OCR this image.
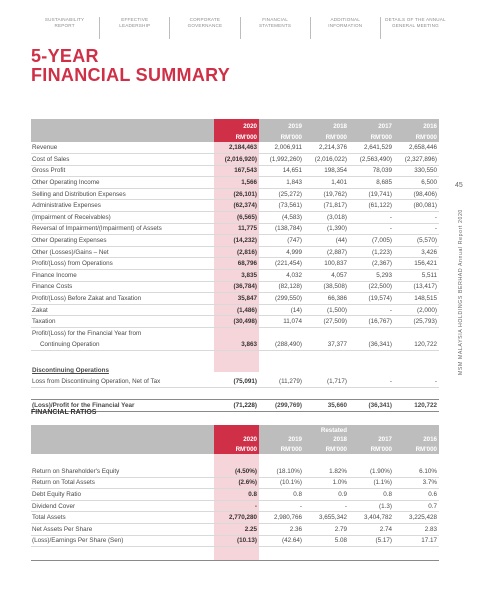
SUSTAINABILITY
REPORT
EFFECTIVE
LEADERSHIP
CORPORATE
GOVERNANCE
FINANCIAL
STATEMENTS
ADDITIONAL
INFORMATION
DETAILS OF THE ANNUAL
GENERAL MEETING
5-YEAR
FINANCIAL SUMMARY
45
MSM MALAYSIA HOLDINGS BERHAD Annual Report 2020
	2020	2019	2018	2017	2016
	RM'000	RM'000	RM'000	RM'000	RM'000
Revenue	2,184,463	2,006,911	2,214,376	2,641,529	2,658,446
Cost of Sales	(2,016,920)	(1,992,260)	(2,016,022)	(2,563,490)	(2,327,896)
Gross Profit	167,543	14,651	198,354	78,039	330,550
Other Operating Income	1,566	1,843	1,401	8,685	6,500
Selling and Distribution Expenses	(26,101)	(25,272)	(19,762)	(19,741)	(98,406)
Administrative Expenses	(62,374)	(73,561)	(71,817)	(61,122)	(80,081)
(Impairment of Receivables)	(6,565)	(4,583)	(3,018)	-	-
Reversal of Impairment/(Impairment) of Assets	11,775	(138,784)	(1,390)	-	-
Other Operating Expenses	(14,232)	(747)	(44)	(7,005)	(5,570)
Other (Losses)/Gains – Net	(2,816)	4,999	(2,887)	(1,223)	3,426
Profit/(Loss) from Operations	68,796	(221,454)	100,837	(2,367)	156,421
Finance Income	3,835	4,032	4,057	5,293	5,511
Finance Costs	(36,784)	(82,128)	(38,508)	(22,500)	(13,417)
Profit/(Loss) Before Zakat and Taxation	35,847	(299,550)	66,386	(19,574)	148,515
Zakat	(1,486)	(14)	(1,500)	-	(2,000)
Taxation	(30,498)	11,074	(27,509)	(16,767)	(25,793)
Profit/(Loss) for the Financial Year from					
Continuing Operation	3,863	(288,490)	37,377	(36,341)	120,722

Discontinuing Operations					
Loss from Discontinuing Operation, Net of Tax	(75,091)	(11,279)	(1,717)	-	-

(Loss)/Profit for the Financial Year	(71,228)	(299,769)	35,660	(36,341)	120,722
FINANCIAL RATIOS
			Restated		
	2020	2019	2018	2017	2016
	RM'000	RM'000	RM'000	RM'000	RM'000

Return on Shareholder's Equity	(4.50%)	(18.10%)	1.82%	(1.90%)	6.10%
Return on Total Assets	(2.6%)	(10.1%)	1.0%	(1.1%)	3.7%
Debt Equity Ratio	0.8	0.8	0.9	0.8	0.6
Dividend Cover	-	-	-	(1.3)	0.7
Total Assets	2,770,280	2,980,766	3,655,342	3,404,782	3,225,428
Net Assets Per Share	2.25	2.36	2.79	2.74	2.83
(Loss)/Earnings Per Share (Sen)	(10.13)	(42.64)	5.08	(5.17)	17.17
